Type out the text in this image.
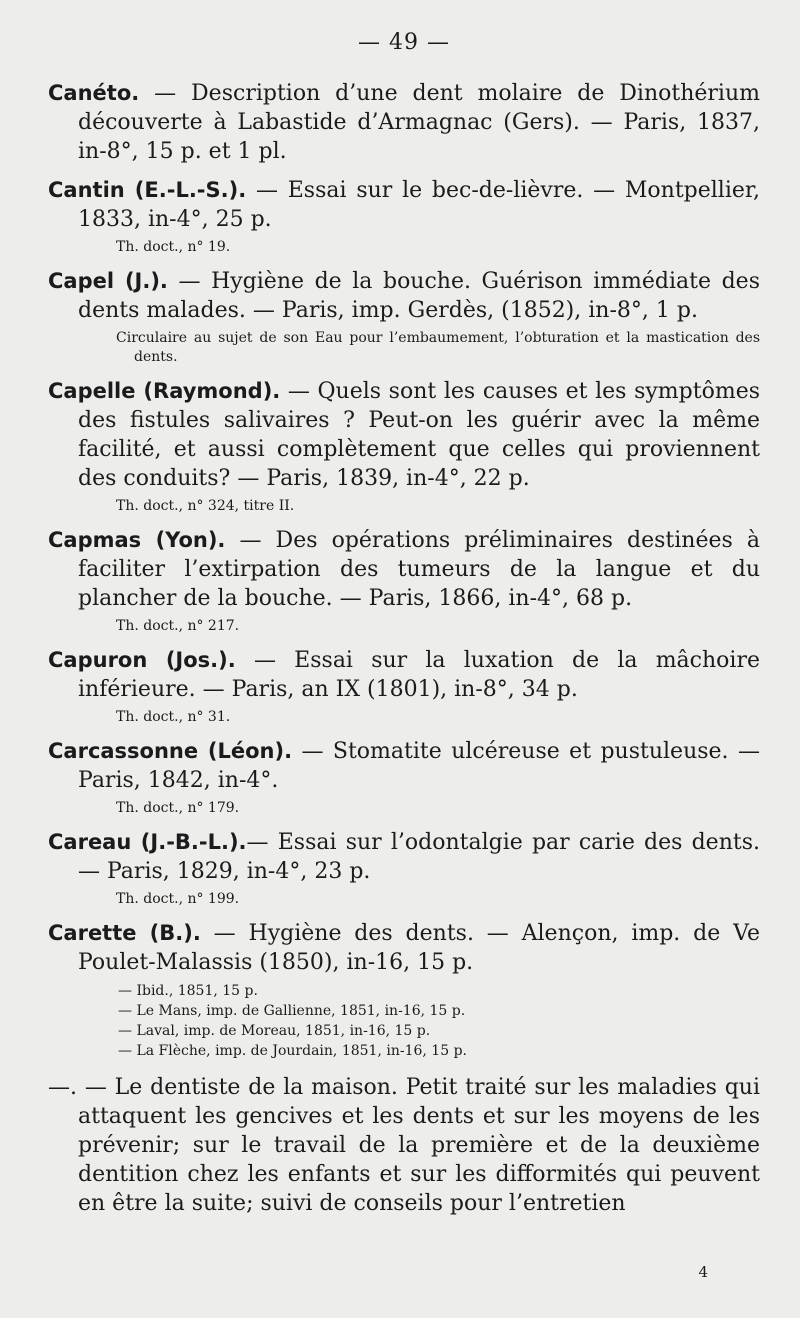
— 49 —
Canéto. — Description d’une dent molaire de Dinothérium découverte à Labastide d’Armagnac (Gers). — Paris, 1837, in-8°, 15 p. et 1 pl.
Cantin (E.-L.-S.). — Essai sur le bec-de-lièvre. — Montpellier, 1833, in-4°, 25 p.
Th. doct., n° 19.
Capel (J.). — Hygiène de la bouche. Guérison immédiate des dents malades. — Paris, imp. Gerdès, (1852), in-8°, 1 p.
Circulaire au sujet de son Eau pour l’embaumement, l’obturation et la mastication des dents.
Capelle (Raymond). — Quels sont les causes et les symptômes des fistules salivaires ? Peut-on les guérir avec la même facilité, et aussi complètement que celles qui proviennent des conduits? — Paris, 1839, in-4°, 22 p.
Th. doct., n° 324, titre II.
Capmas (Yon). — Des opérations préliminaires destinées à faciliter l’extirpation des tumeurs de la langue et du plancher de la bouche. — Paris, 1866, in-4°, 68 p.
Th. doct., n° 217.
Capuron (Jos.). — Essai sur la luxation de la mâchoire inférieure. — Paris, an IX (1801), in-8°, 34 p.
Th. doct., n° 31.
Carcassonne (Léon). — Stomatite ulcéreuse et pustuleuse. — Paris, 1842, in-4°.
Th. doct., n° 179.
Careau (J.-B.-L.).— Essai sur l’odontalgie par carie des dents. — Paris, 1829, in-4°, 23 p.
Th. doct., n° 199.
Carette (B.). — Hygiène des dents. — Alençon, imp. de Ve Poulet-Malassis (1850), in-16, 15 p.
— Ibid., 1851, 15 p.
— Le Mans, imp. de Gallienne, 1851, in-16, 15 p.
— Laval, imp. de Moreau, 1851, in-16, 15 p.
— La Flèche, imp. de Jourdain, 1851, in-16, 15 p.
—. — Le dentiste de la maison. Petit traité sur les maladies qui attaquent les gencives et les dents et sur les moyens de les prévenir; sur le travail de la première et de la deuxième dentition chez les enfants et sur les difformités qui peuvent en être la suite; suivi de conseils pour l’entretien
4
